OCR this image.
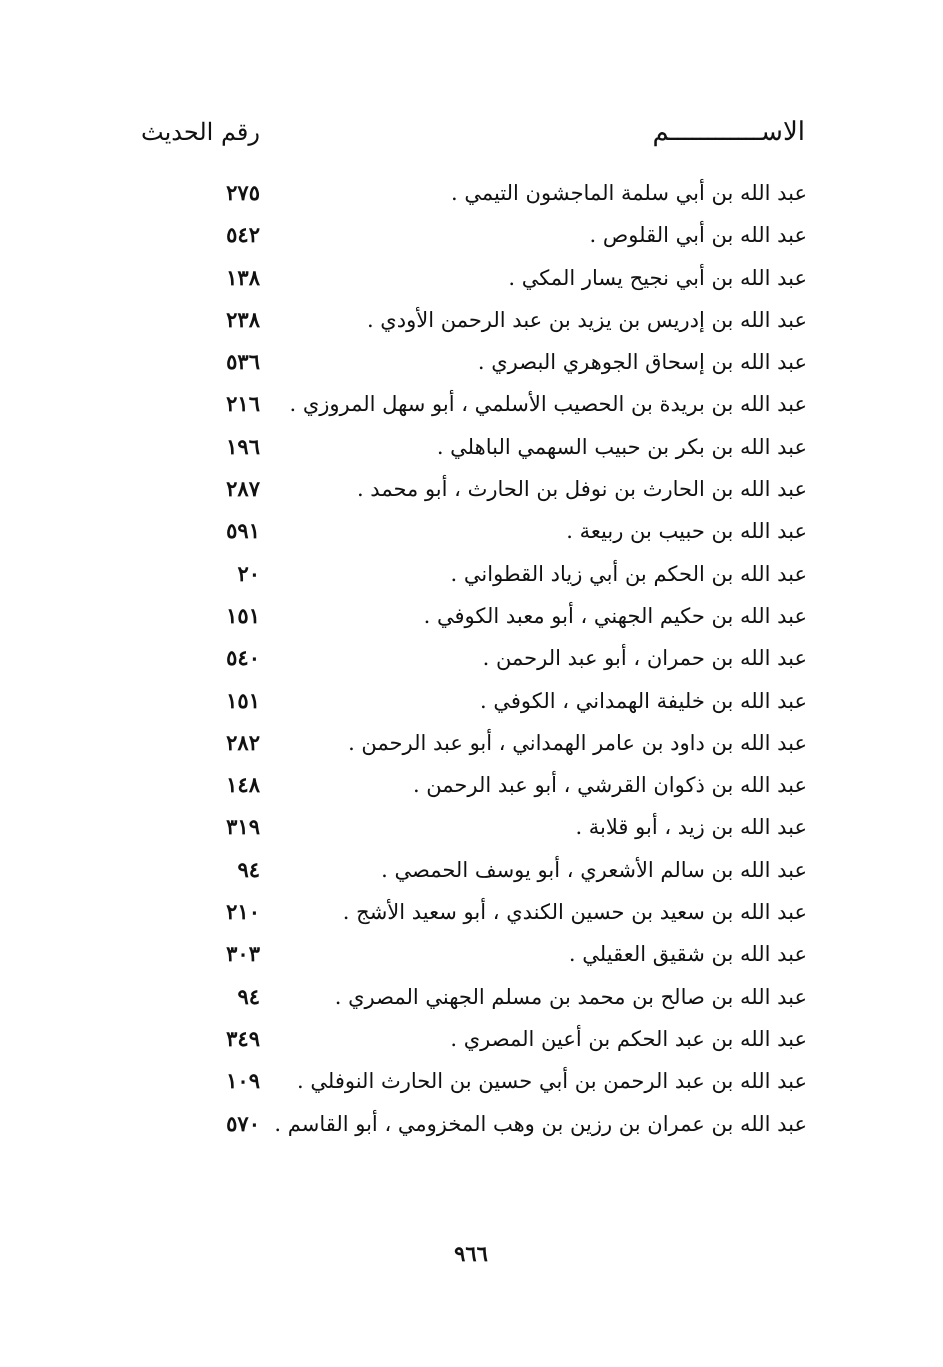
الاســــــــــــم
رقم الحديث
عبد الله بن أبي سلمة الماجشون التيمي .
٢٧٥
عبد الله بن أبي القلوص .
٥٤٢
عبد الله بن أبي نجيح يسار المكي .
١٣٨
عبد الله بن إدريس بن يزيد بن عبد الرحمن الأودي .
٢٣٨
عبد الله بن إسحاق الجوهري البصري .
٥٣٦
عبد الله بن بريدة بن الحصيب الأسلمي ، أبو سهل المروزي .
٢١٦
عبد الله بن بكر بن حبيب السهمي الباهلي .
١٩٦
عبد الله بن الحارث بن نوفل بن الحارث ، أبو محمد .
٢٨٧
عبد الله بن حبيب بن ربيعة .
٥٩١
عبد الله بن الحكم بن أبي زياد القطواني .
٢٠
عبد الله بن حكيم الجهني ، أبو معبد الكوفي .
١٥١
عبد الله بن حمران ، أبو عبد الرحمن .
٥٤٠
عبد الله بن خليفة الهمداني ، الكوفي .
١٥١
عبد الله بن داود بن عامر الهمداني ، أبو عبد الرحمن .
٢٨٢
عبد الله بن ذكوان القرشي ، أبو عبد الرحمن .
١٤٨
عبد الله بن زيد ، أبو قلابة .
٣١٩
عبد الله بن سالم الأشعري ، أبو يوسف الحمصي .
٩٤
عبد الله بن سعيد بن حسين الكندي ، أبو سعيد الأشج .
٢١٠
عبد الله بن شقيق العقيلي .
٣٠٣
عبد الله بن صالح بن محمد بن مسلم الجهني المصري .
٩٤
عبد الله بن عبد الحكم بن أعين المصري .
٣٤٩
عبد الله بن عبد الرحمن بن أبي حسين بن الحارث النوفلي .
١٠٩
عبد الله بن عمران بن رزين بن وهب المخزومي ، أبو القاسم .
٥٧٠
٩٦٦
